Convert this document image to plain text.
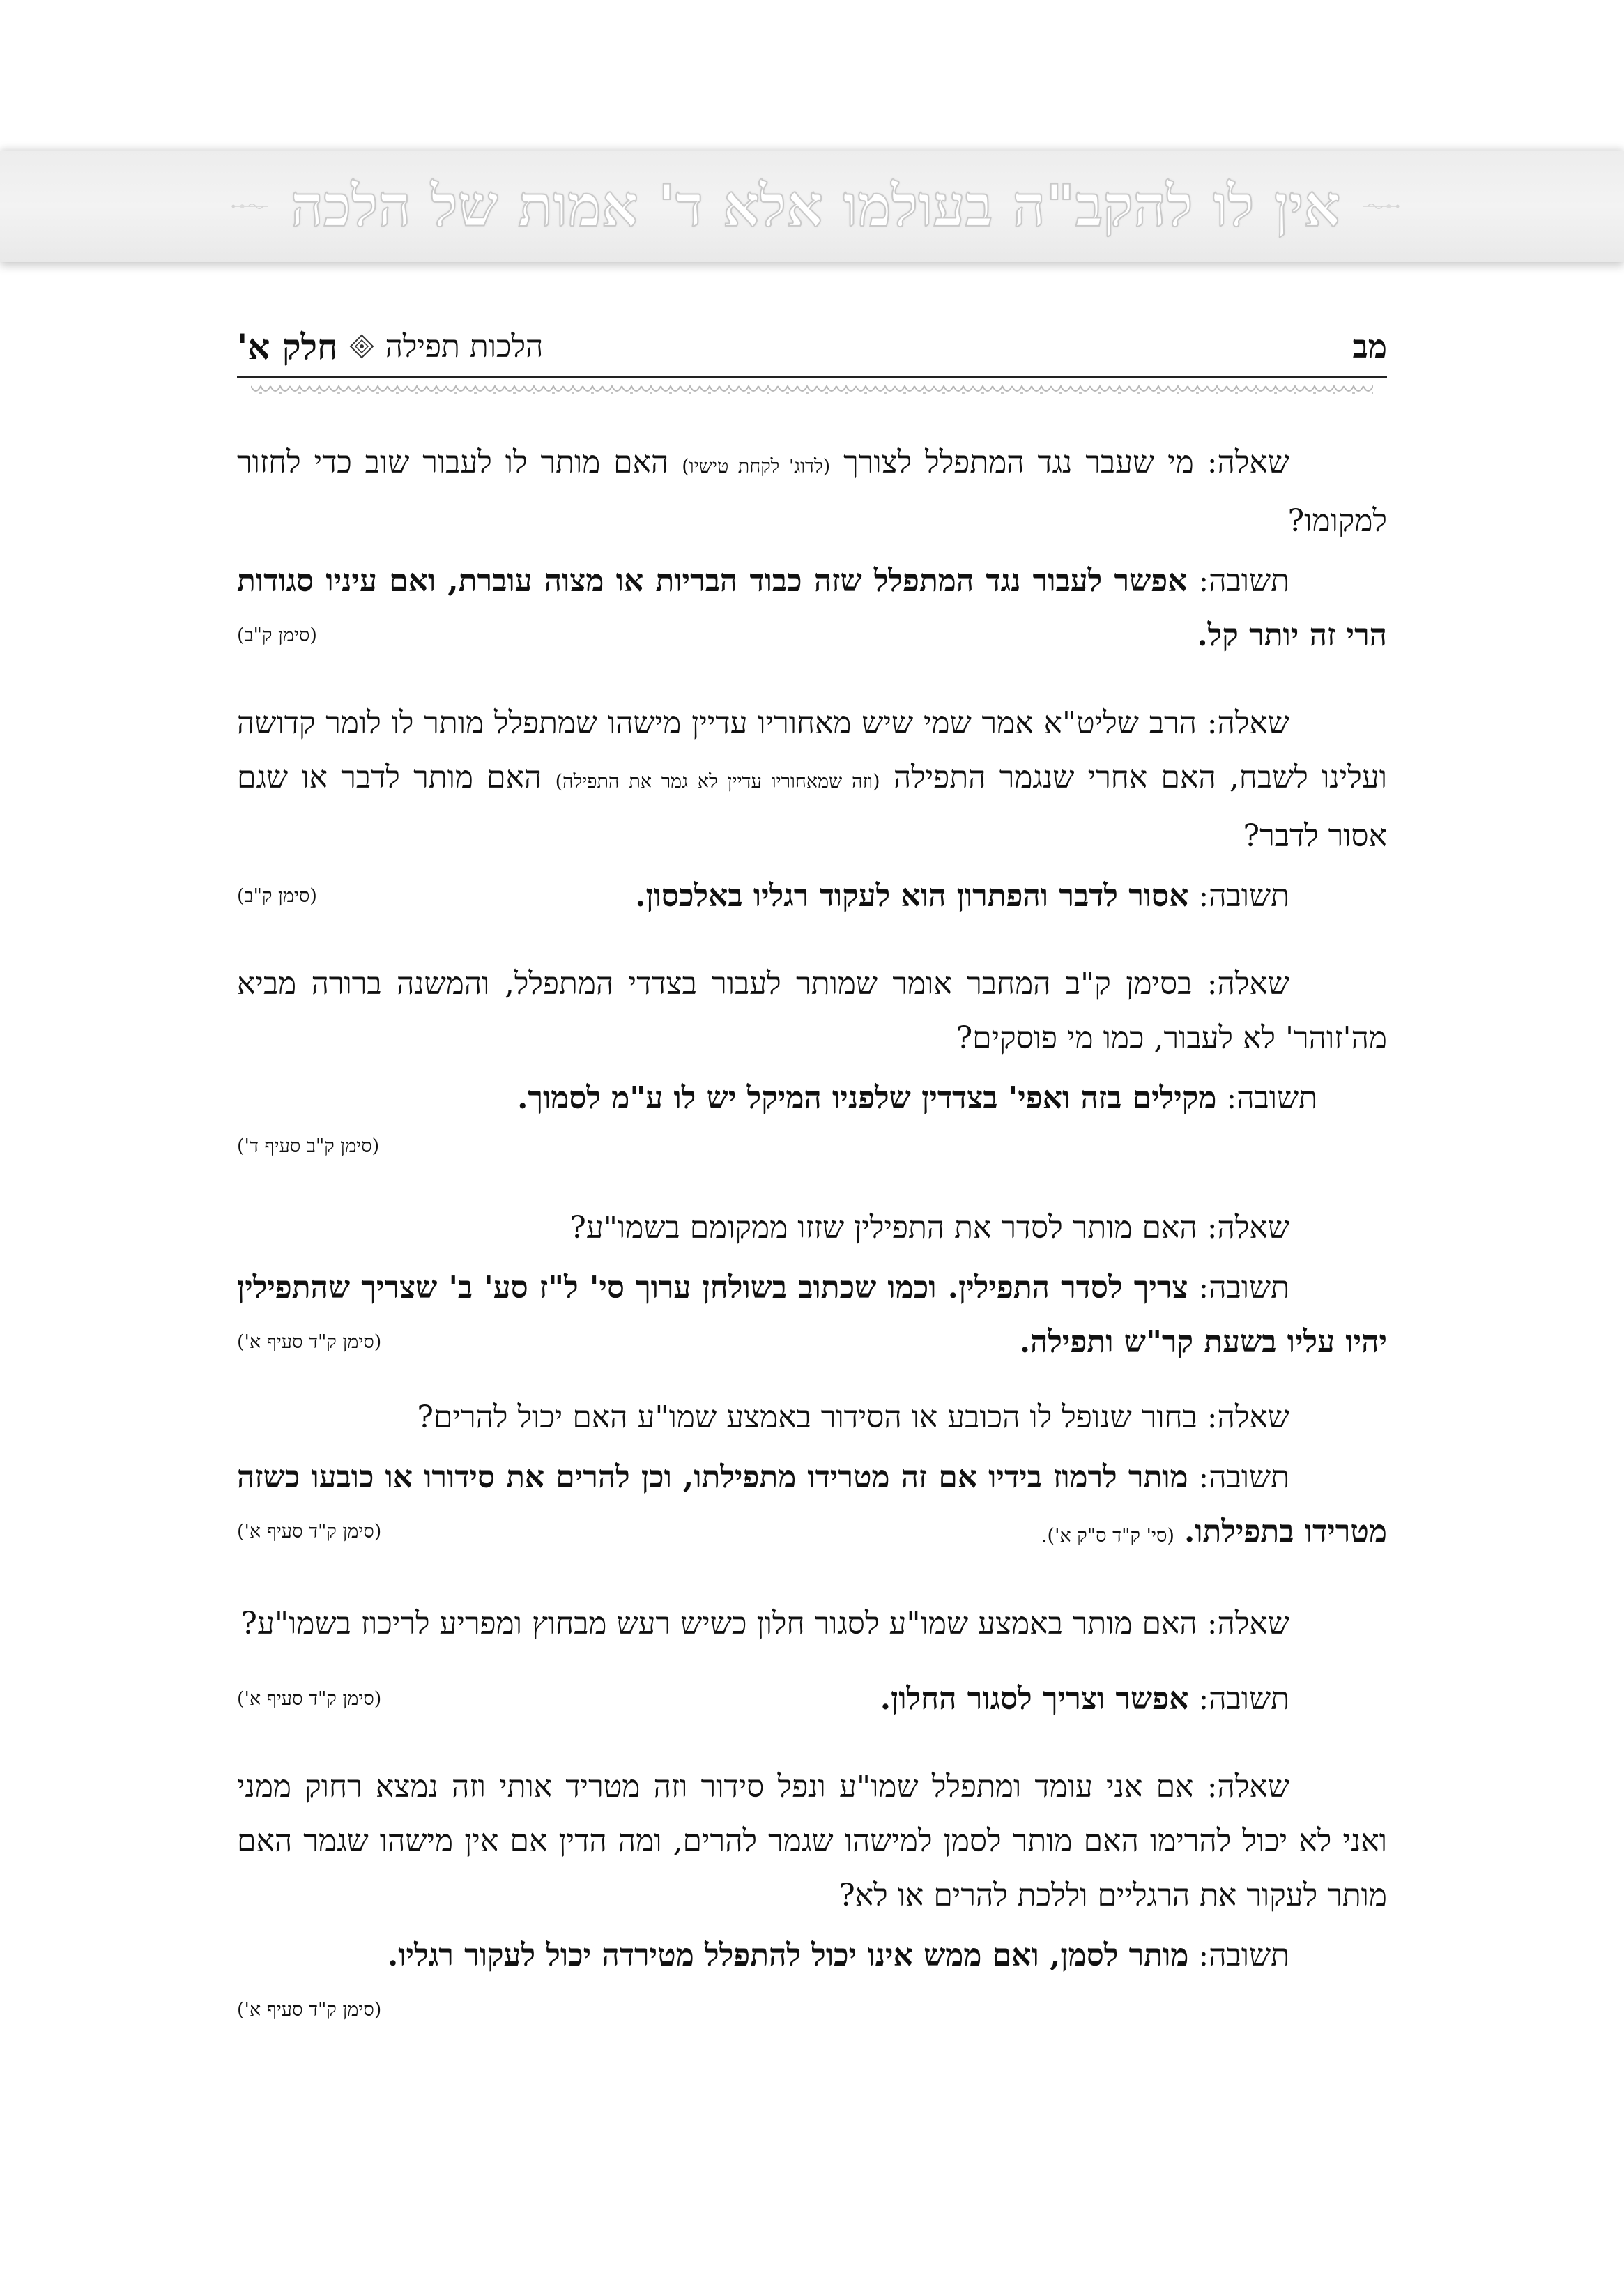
אין לו להקב"ה בעולמו אלא ד' אמות של הלכה
מב
הלכות תפילה
חלק א'

שאלה: מי שעבר נגד המתפלל לצורך (לדוג' לקחת טישיו) האם מותר לו לעבור שוב כדי לחזור למקומו?

תשובה: אפשר לעבור נגד המתפלל שזה כבוד הבריות או מצוה עוברת, ואם עיניו סגודות הרי זה יותר קל.
(סימן ק"ב)

שאלה: הרב שליט"א אמר שמי שיש מאחוריו עדיין מישהו שמתפלל מותר לו לומר קדושה ועלינו לשבח, האם אחרי שנגמר התפילה (וזה שמאחוריו עדיין לא גמר את התפילה) האם מותר לדבר או שגם אסור לדבר?

תשובה: אסור לדבר והפתרון הוא לעקוד רגליו באלכסון.
(סימן ק"ב)

שאלה: בסימן ק"ב המחבר אומר שמותר לעבור בצדדי המתפלל, והמשנה ברורה מביא מה'זוהר' לא לעבור, כמו מי פוסקים?

תשובה: מקילים בזה ואפי' בצדדין שלפניו המיקל יש לו ע"מ לסמוך.

(סימן ק"ב סעיף ד')

שאלה: האם מותר לסדר את התפילין שזזו ממקומם בשמו"ע?

תשובה: צריך לסדר התפילין. וכמו שכתוב בשולחן ערוך סי' ל"ז סע' ב' שצריך שהתפילין יהיו עליו בשעת קר"ש ותפילה.
(סימן ק"ד סעיף א')

שאלה: בחור שנופל לו הכובע או הסידור באמצע שמו"ע האם יכול להרים?

תשובה: מותר לרמוז בידיו אם זה מטרידו מתפילתו, וכן להרים את סידורו או כובעו כשזה מטרידו בתפילתו. (סי' ק"ד ס"ק א').
(סימן ק"ד סעיף א')

שאלה: האם מותר באמצע שמו"ע לסגור חלון כשיש רעש מבחוץ ומפריע לריכוז בשמו"ע?

תשובה: אפשר וצריך לסגור החלון.
(סימן ק"ד סעיף א')

שאלה: אם אני עומד ומתפלל שמו"ע ונפל סידור וזה מטריד אותי וזה נמצא רחוק ממני ואני לא יכול להרימו האם מותר לסמן למישהו שגמר להרים, ומה הדין אם אין מישהו שגמר האם מותר לעקור את הרגליים וללכת להרים או לא?

תשובה: מותר לסמן, ואם ממש אינו יכול להתפלל מטירדה יכול לעקור רגליו.
(סימן ק"ד סעיף א')
